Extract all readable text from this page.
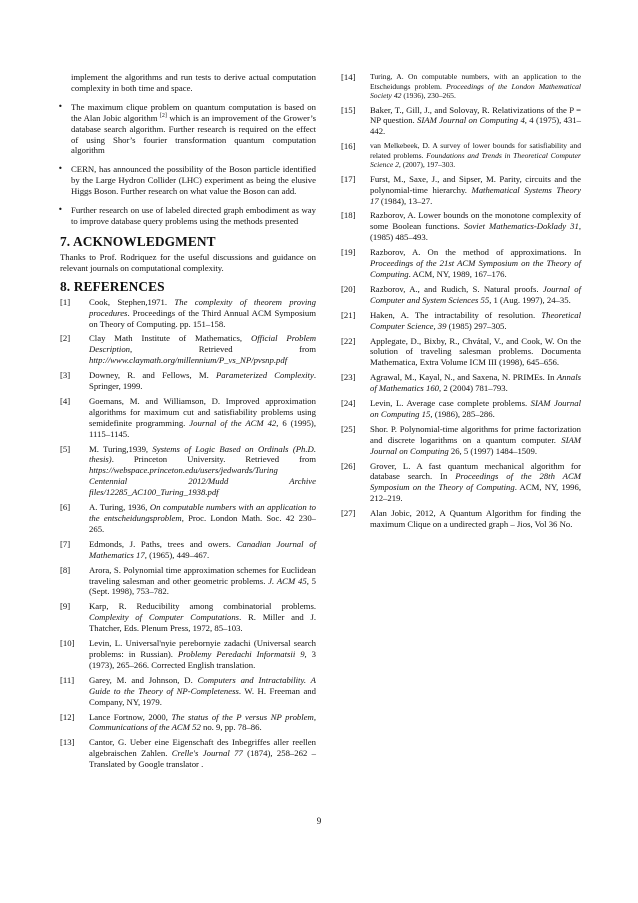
implement the algorithms and run tests to derive actual computation complexity in both time and space.

• The maximum clique problem on quantum computation is based on the Alan Jobic algorithm [2] which is an improvement of the Grower’s database search algorithm. Further research is required on the effect of using Shor’s fourier transformation quantum computation algorithm
• CERN, has announced the possibility of the Boson particle identified by the Large Hydron Collider (LHC) experiment as being the elusive Higgs Boson. Further research on what value the Boson can add.
• Further research on use of labeled directed graph embodiment as way to improve database query problems using the methods presented
7. ACKNOWLEDGMENT

Thanks to Prof. Rodriquez for the useful discussions and guidance on relevant journals on computational complexity.

8. REFERENCES
[1]	Cook, Stephen,1971. The complexity of theorem proving procedures. Proceedings of the Third Annual ACM Symposium on Theory of Computing. pp. 151–158.
[2]	Clay Math Institute of Mathematics, Official Problem Description, Retrieved from http://www.claymath.org/millennium/P_vs_NP/pvsnp.pdf
[3]	Downey, R. and Fellows, M. Parameterized Complexity. Springer, 1999.
[4]	Goemans, M. and Williamson, D. Improved approximation algorithms for maximum cut and satisfiability problems using semidefinite programming. Journal of the ACM 42, 6 (1995), 1115–1145.
[5]	M. Turing,1939, Systems of Logic Based on Ordinals (Ph.D. thesis). Princeton University. Retrieved from https://webspace.princeton.edu/users/jedwards/Turing Centennial 2012/Mudd Archive files/12285_AC100_Turing_1938.pdf
[6]	A. Turing, 1936, On computable numbers with an application to the entscheidungsproblem, Proc. London Math. Soc. 42 230–265.
[7]	Edmonds, J. Paths, trees and owers. Canadian Journal of Mathematics 17, (1965), 449–467.
[8]	Arora, S. Polynomial time approximation schemes for Euclidean traveling salesman and other geometric problems. J. ACM 45, 5 (Sept. 1998), 753–782.
[9]	Karp, R. Reducibility among combinatorial problems. Complexity of Computer Computations. R. Miller and J. Thatcher, Eds. Plenum Press, 1972, 85–103.
[10]	Levin, L. Universal'nyie perebornyie zadachi (Universal search problems: in Russian). Problemy Peredachi Informatsii 9, 3 (1973), 265–266. Corrected English translation.
[11]	Garey, M. and Johnson, D. Computers and Intractability. A Guide to the Theory of NP-Completeness. W. H. Freeman and Company, NY, 1979.
[12]	Lance Fortnow, 2000, The status of the P versus NP problem, Communications of the ACM 52 no. 9, pp. 78–86.
[13]	Cantor, G. Ueber eine Eigenschaft des Inbegriffes aller reellen algebraischen Zahlen. Crelle's Journal 77 (1874), 258–262 – Translated by Google translator .
[14]	Turing, A. On computable numbers, with an application to the Etscheidungs problem. Proceedings of the London Mathematical Society 42 (1936), 230–265.
[15]	Baker, T., Gill, J., and Solovay, R. Relativizations of the P = NP question. SIAM Journal on Computing 4, 4 (1975), 431–442.
[16]	van Melkebeek, D. A survey of lower bounds for satisfiability and related problems. Foundations and Trends in Theoretical Computer Science 2, (2007), 197–303.
[17]	Furst, M., Saxe, J., and Sipser, M. Parity, circuits and the polynomial-time hierarchy. Mathematical Systems Theory 17 (1984), 13–27.
[18]	Razborov, A. Lower bounds on the monotone complexity of some Boolean functions. Soviet Mathematics-Doklady 31, (1985) 485–493.
[19]	Razborov, A. On the method of approximations. In Proceedings of the 21st ACM Symposium on the Theory of Computing. ACM, NY, 1989, 167–176.
[20]	Razborov, A., and Rudich, S. Natural proofs. Journal of Computer and System Sciences 55, 1 (Aug. 1997), 24–35.
[21]	Haken, A. The intractability of resolution. Theoretical Computer Science, 39 (1985) 297–305.
[22]	Applegate, D., Bixby, R., Chvátal, V., and Cook, W. On the solution of traveling salesman problems. Documenta Mathematica, Extra Volume ICM III (1998), 645–656.
[23]	Agrawal, M., Kayal, N., and Saxena, N. PRIMEs. In Annals of Mathematics 160, 2 (2004) 781–793.
[24]	Levin, L. Average case complete problems. SIAM Journal on Computing 15, (1986), 285–286.
[25]	Shor. P. Polynomial-time algorithms for prime factorization and discrete logarithms on a quantum computer. SIAM Journal on Computing 26, 5 (1997) 1484–1509.
[26]	Grover, L. A fast quantum mechanical algorithm for database search. In Proceedings of the 28th ACM Symposium on the Theory of Computing. ACM, NY, 1996, 212–219.
[27]	Alan Jobic, 2012, A Quantum Algorithm for finding the maximum Clique on a undirected graph – Jios, Vol 36 No.
9
